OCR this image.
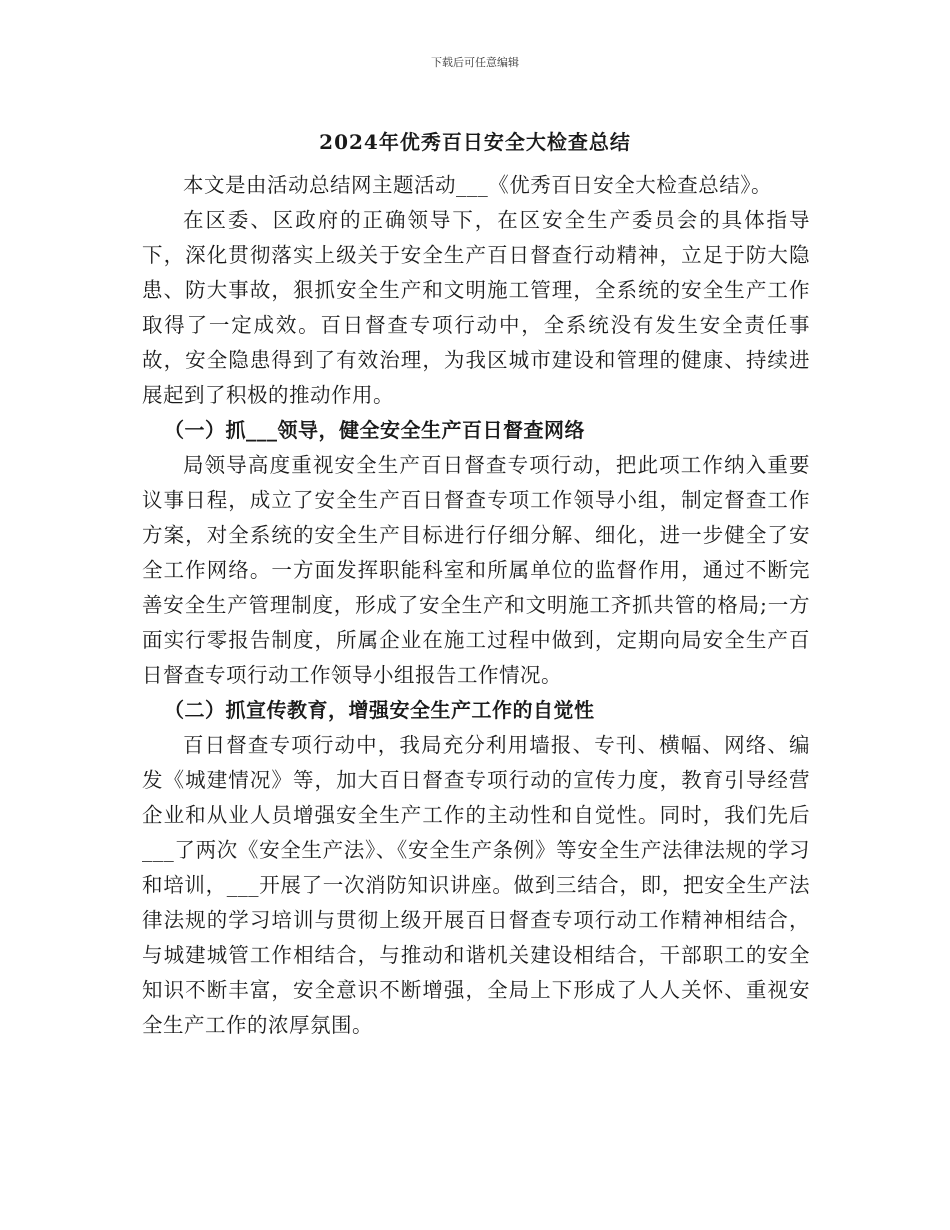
下载后可任意编辑
2024年优秀百日安全大检查总结

本文是由活动总结网主题活动___《优秀百日安全大检查总结》。

在区委、区政府的正确领导下，在区安全生产委员会的具体指导下，深化贯彻落实上级关于安全生产百日督查行动精神，立足于防大隐患、防大事故，狠抓安全生产和文明施工管理，全系统的安全生产工作取得了一定成效。百日督查专项行动中，全系统没有发生安全责任事故，安全隐患得到了有效治理，为我区城市建设和管理的健康、持续进展起到了积极的推动作用。

（一）抓___领导，健全安全生产百日督查网络

局领导高度重视安全生产百日督查专项行动，把此项工作纳入重要议事日程，成立了安全生产百日督查专项工作领导小组，制定督查工作方案，对全系统的安全生产目标进行仔细分解、细化，进一步健全了安全工作网络。一方面发挥职能科室和所属单位的监督作用，通过不断完善安全生产管理制度，形成了安全生产和文明施工齐抓共管的格局;一方面实行零报告制度，所属企业在施工过程中做到，定期向局安全生产百日督查专项行动工作领导小组报告工作情况。

（二）抓宣传教育，增强安全生产工作的自觉性

百日督查专项行动中，我局充分利用墙报、专刊、横幅、网络、编发《城建情况》等，加大百日督查专项行动的宣传力度，教育引导经营企业和从业人员增强安全生产工作的主动性和自觉性。同时，我们先后___了两次《安全生产法》、《安全生产条例》等安全生产法律法规的学习和培训，___开展了一次消防知识讲座。做到三结合，即，把安全生产法律法规的学习培训与贯彻上级开展百日督查专项行动工作精神相结合，与城建城管工作相结合，与推动和谐机关建设相结合，干部职工的安全知识不断丰富，安全意识不断增强，全局上下形成了人人关怀、重视安全生产工作的浓厚氛围。
